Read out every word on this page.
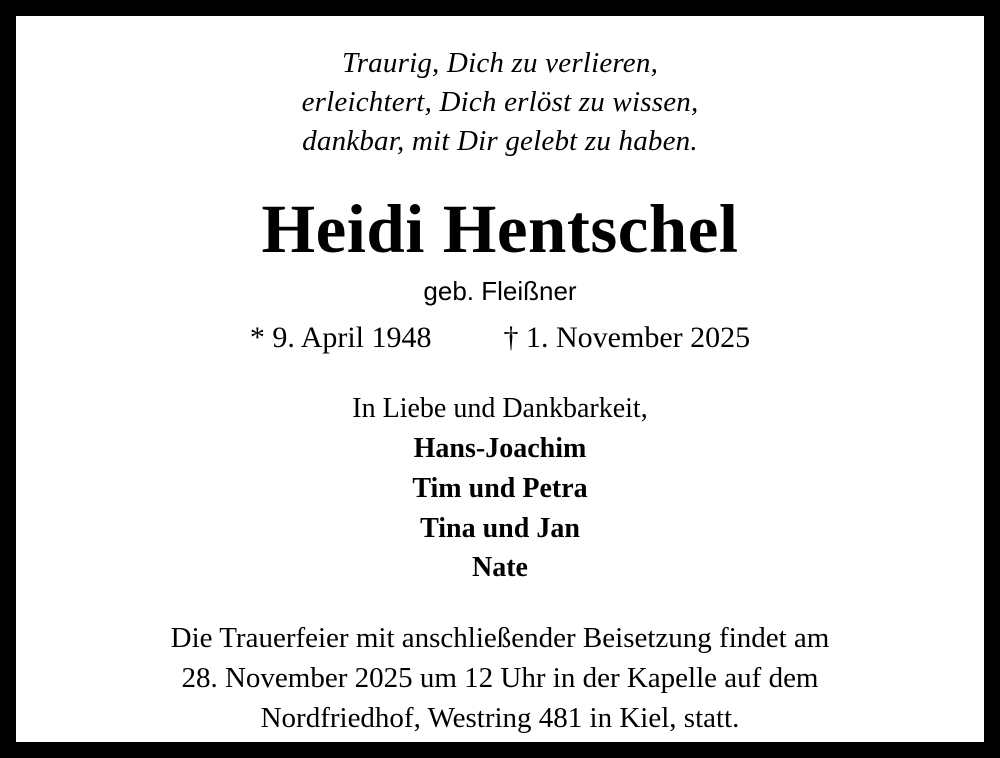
Traurig, Dich zu verlieren,
erleichtert, Dich erlöst zu wissen,
dankbar, mit Dir gelebt zu haben.
Heidi Hentschel
geb. Fleißner
* 9. April 1948 † 1. November 2025
In Liebe und Dankbarkeit,
Hans-Joachim
Tim und Petra
Tina und Jan
Nate
Die Trauerfeier mit anschließender Beisetzung findet am
28. November 2025 um 12 Uhr in der Kapelle auf dem
Nordfriedhof, Westring 481 in Kiel, statt.
